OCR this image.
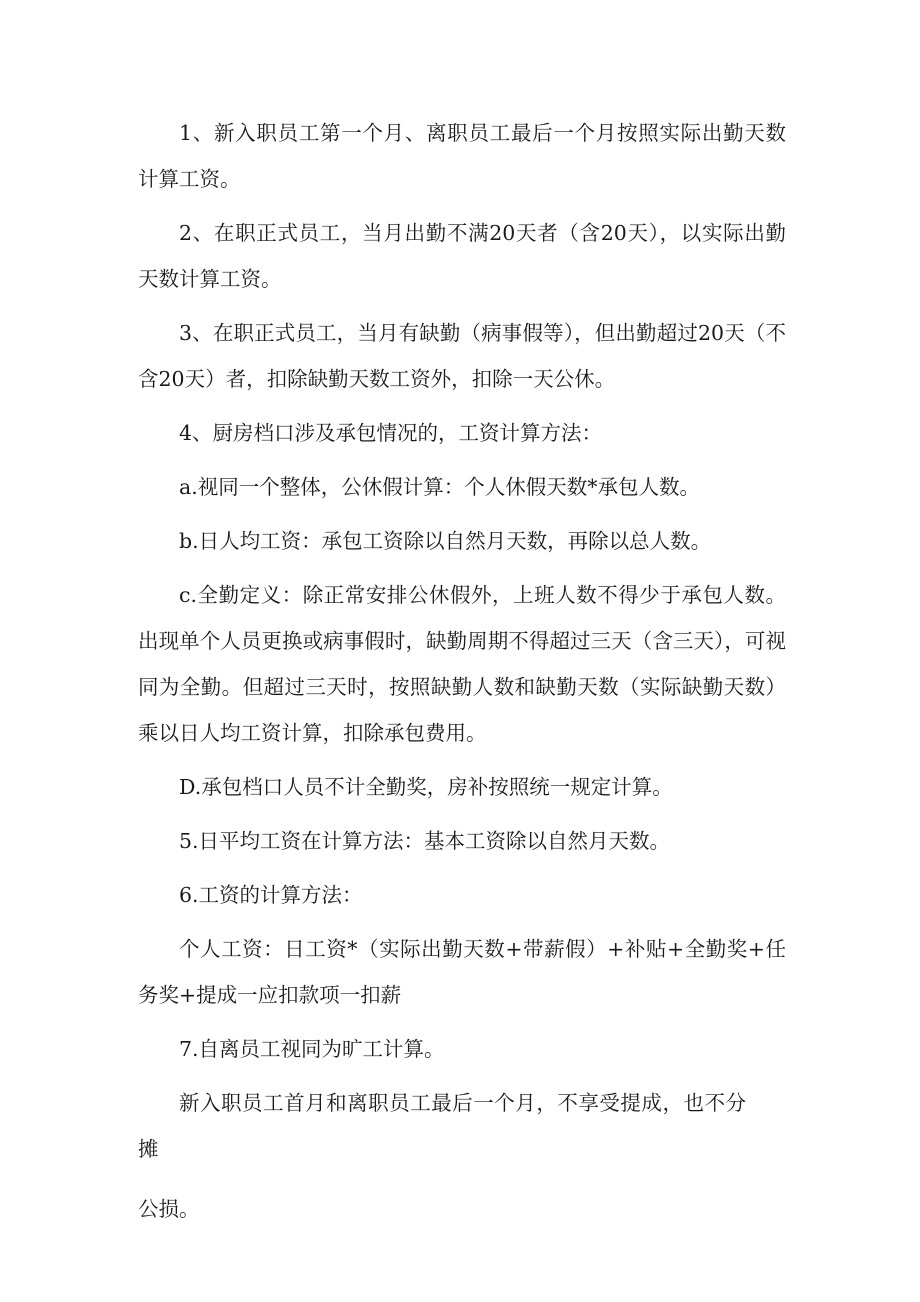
1、新入职员工第一个月、离职员工最后一个月按照实际出勤天数计算工资。

2、在职正式员工，当月出勤不满20天者（含20天），以实际出勤天数计算工资。

3、在职正式员工，当月有缺勤（病事假等），但出勤超过20天（不含20天）者，扣除缺勤天数工资外，扣除一天公休。

4、厨房档口涉及承包情况的，工资计算方法：

a.视同一个整体，公休假计算：个人休假天数*承包人数。

b.日人均工资：承包工资除以自然月天数，再除以总人数。

c.全勤定义：除正常安排公休假外，上班人数不得少于承包人数。出现单个人员更换或病事假时，缺勤周期不得超过三天（含三天），可视同为全勤。但超过三天时，按照缺勤人数和缺勤天数（实际缺勤天数）乘以日人均工资计算，扣除承包费用。

D.承包档口人员不计全勤奖，房补按照统一规定计算。

5.日平均工资在计算方法：基本工资除以自然月天数。

6.工资的计算方法：

个人工资：日工资*（实际出勤天数+带薪假）+补贴+全勤奖+任务奖+提成一应扣款项一扣薪

7.自离员工视同为旷工计算。

新入职员工首月和离职员工最后一个月，不享受提成，也不分摊

公损。
